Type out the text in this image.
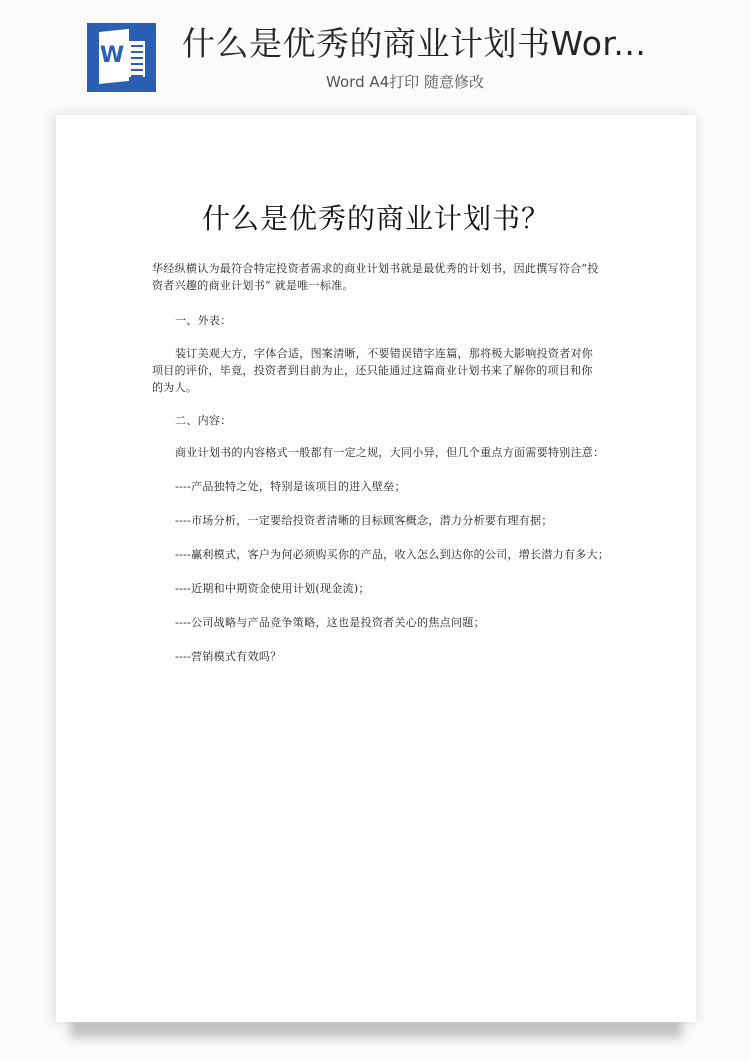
W 什么是优秀的商业计划书Wor...
Word A4打印 随意修改
什么是优秀的商业计划书？
华经纵横认为最符合特定投资者需求的商业计划书就是最优秀的计划书，因此撰写符合“投资者兴趣的商业计划书” 就是唯一标准。
一、外表：
装订美观大方，字体合适，图案清晰，不要错误错字连篇，那将极大影响投资者对你项目的评价，毕竟，投资者到目前为止，还只能通过这篇商业计划书来了解你的项目和你的为人。
二、内容：
商业计划书的内容格式一般都有一定之规，大同小异，但几个重点方面需要特别注意：
----产品独特之处，特别是该项目的进入壁垒；
----市场分析，一定要给投资者清晰的目标顾客概念，潜力分析要有理有据；
----赢利模式，客户为何必须购买你的产品，收入怎么到达你的公司，增长潜力有多大；
----近期和中期资金使用计划(现金流)；
----公司战略与产品竞争策略，这也是投资者关心的焦点问题；
----营销模式有效吗？
